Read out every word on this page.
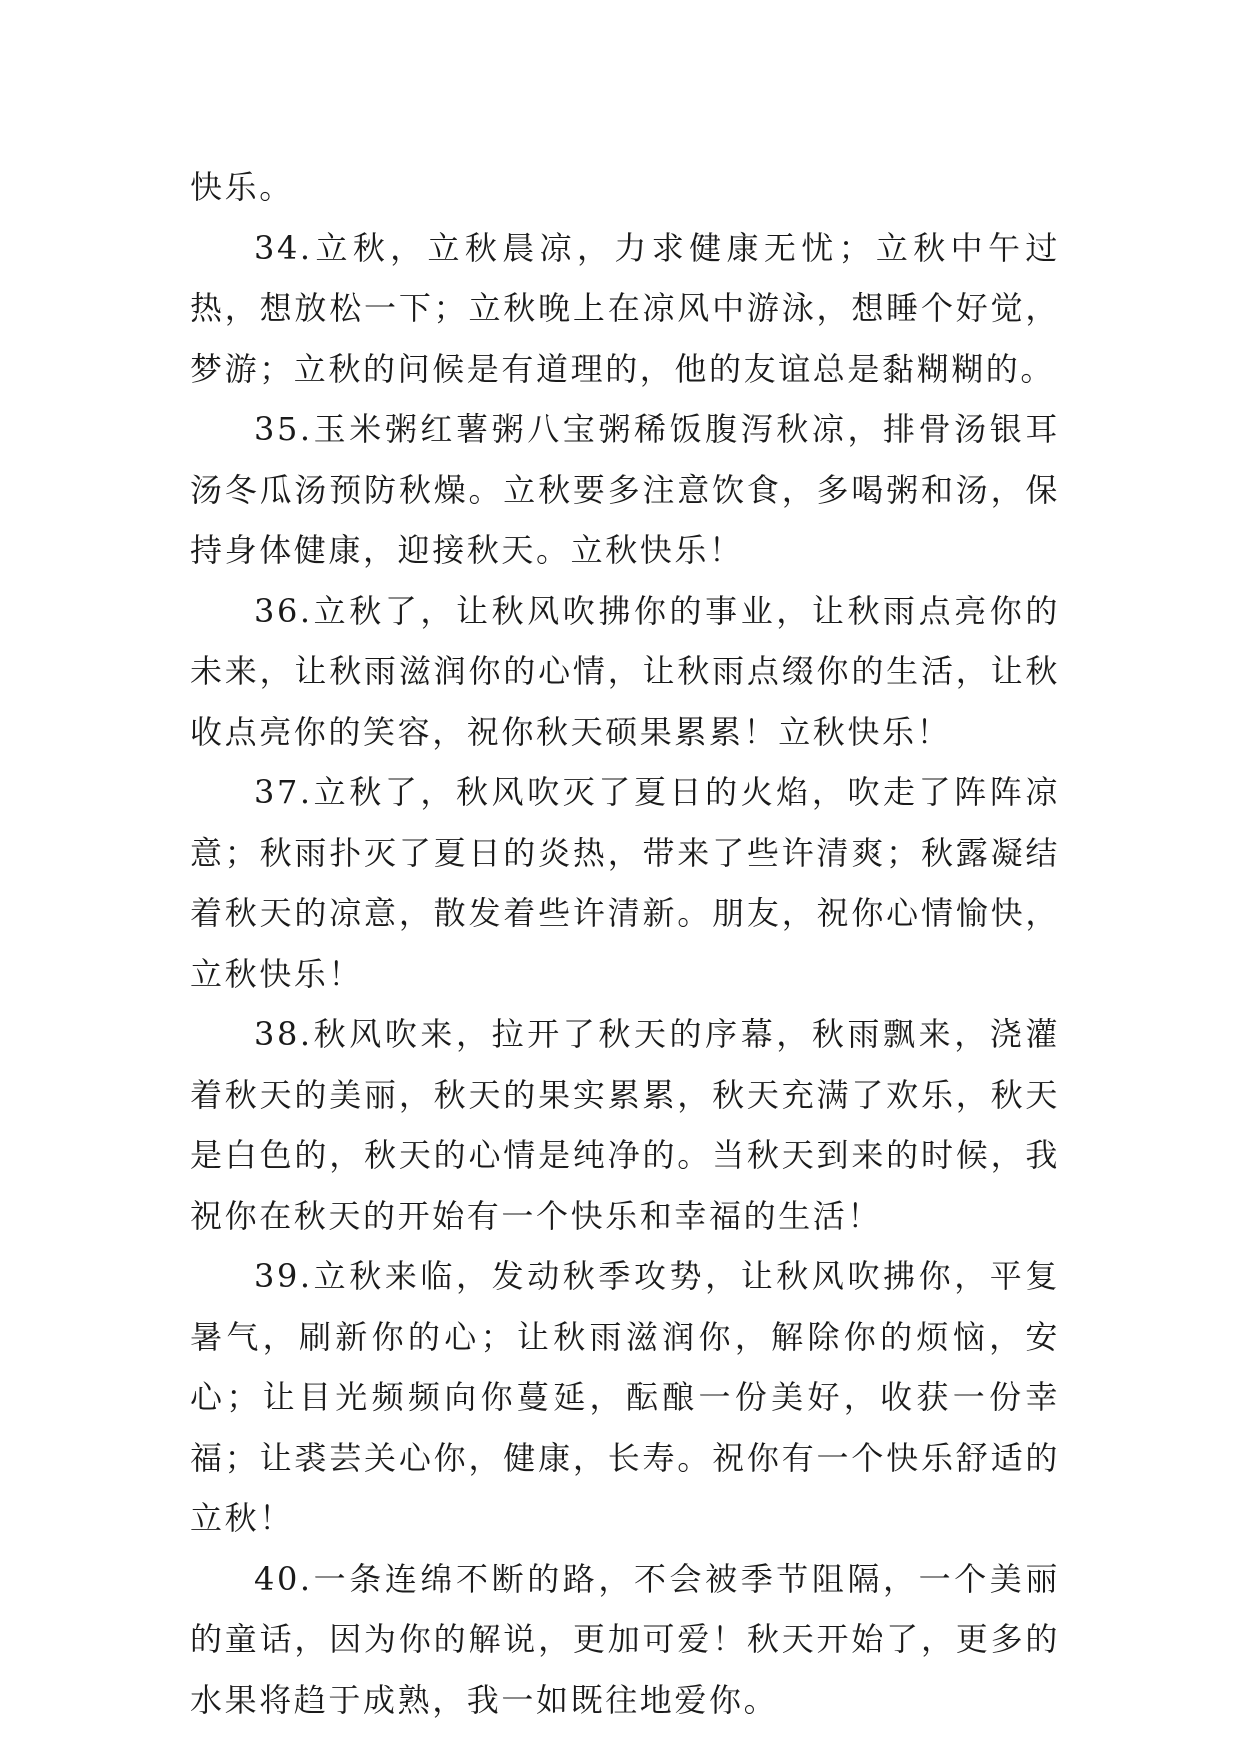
快乐。

34.立秋，立秋晨凉，力求健康无忧；立秋中午过热，想放松一下；立秋晚上在凉风中游泳，想睡个好觉，梦游；立秋的问候是有道理的，他的友谊总是黏糊糊的。

35.玉米粥红薯粥八宝粥稀饭腹泻秋凉，排骨汤银耳汤冬瓜汤预防秋燥。立秋要多注意饮食，多喝粥和汤，保持身体健康，迎接秋天。立秋快乐！

36.立秋了，让秋风吹拂你的事业，让秋雨点亮你的未来，让秋雨滋润你的心情，让秋雨点缀你的生活，让秋收点亮你的笑容，祝你秋天硕果累累！立秋快乐！

37.立秋了，秋风吹灭了夏日的火焰，吹走了阵阵凉意；秋雨扑灭了夏日的炎热，带来了些许清爽；秋露凝结着秋天的凉意，散发着些许清新。朋友，祝你心情愉快，立秋快乐！

38.秋风吹来，拉开了秋天的序幕，秋雨飘来，浇灌着秋天的美丽，秋天的果实累累，秋天充满了欢乐，秋天是白色的，秋天的心情是纯净的。当秋天到来的时候，我祝你在秋天的开始有一个快乐和幸福的生活！

39.立秋来临，发动秋季攻势，让秋风吹拂你，平复暑气，刷新你的心；让秋雨滋润你，解除你的烦恼，安心；让目光频频向你蔓延，酝酿一份美好，收获一份幸福；让裘芸关心你，健康，长寿。祝你有一个快乐舒适的立秋！

40.一条连绵不断的路，不会被季节阻隔，一个美丽的童话，因为你的解说，更加可爱！秋天开始了，更多的水果将趋于成熟，我一如既往地爱你。
